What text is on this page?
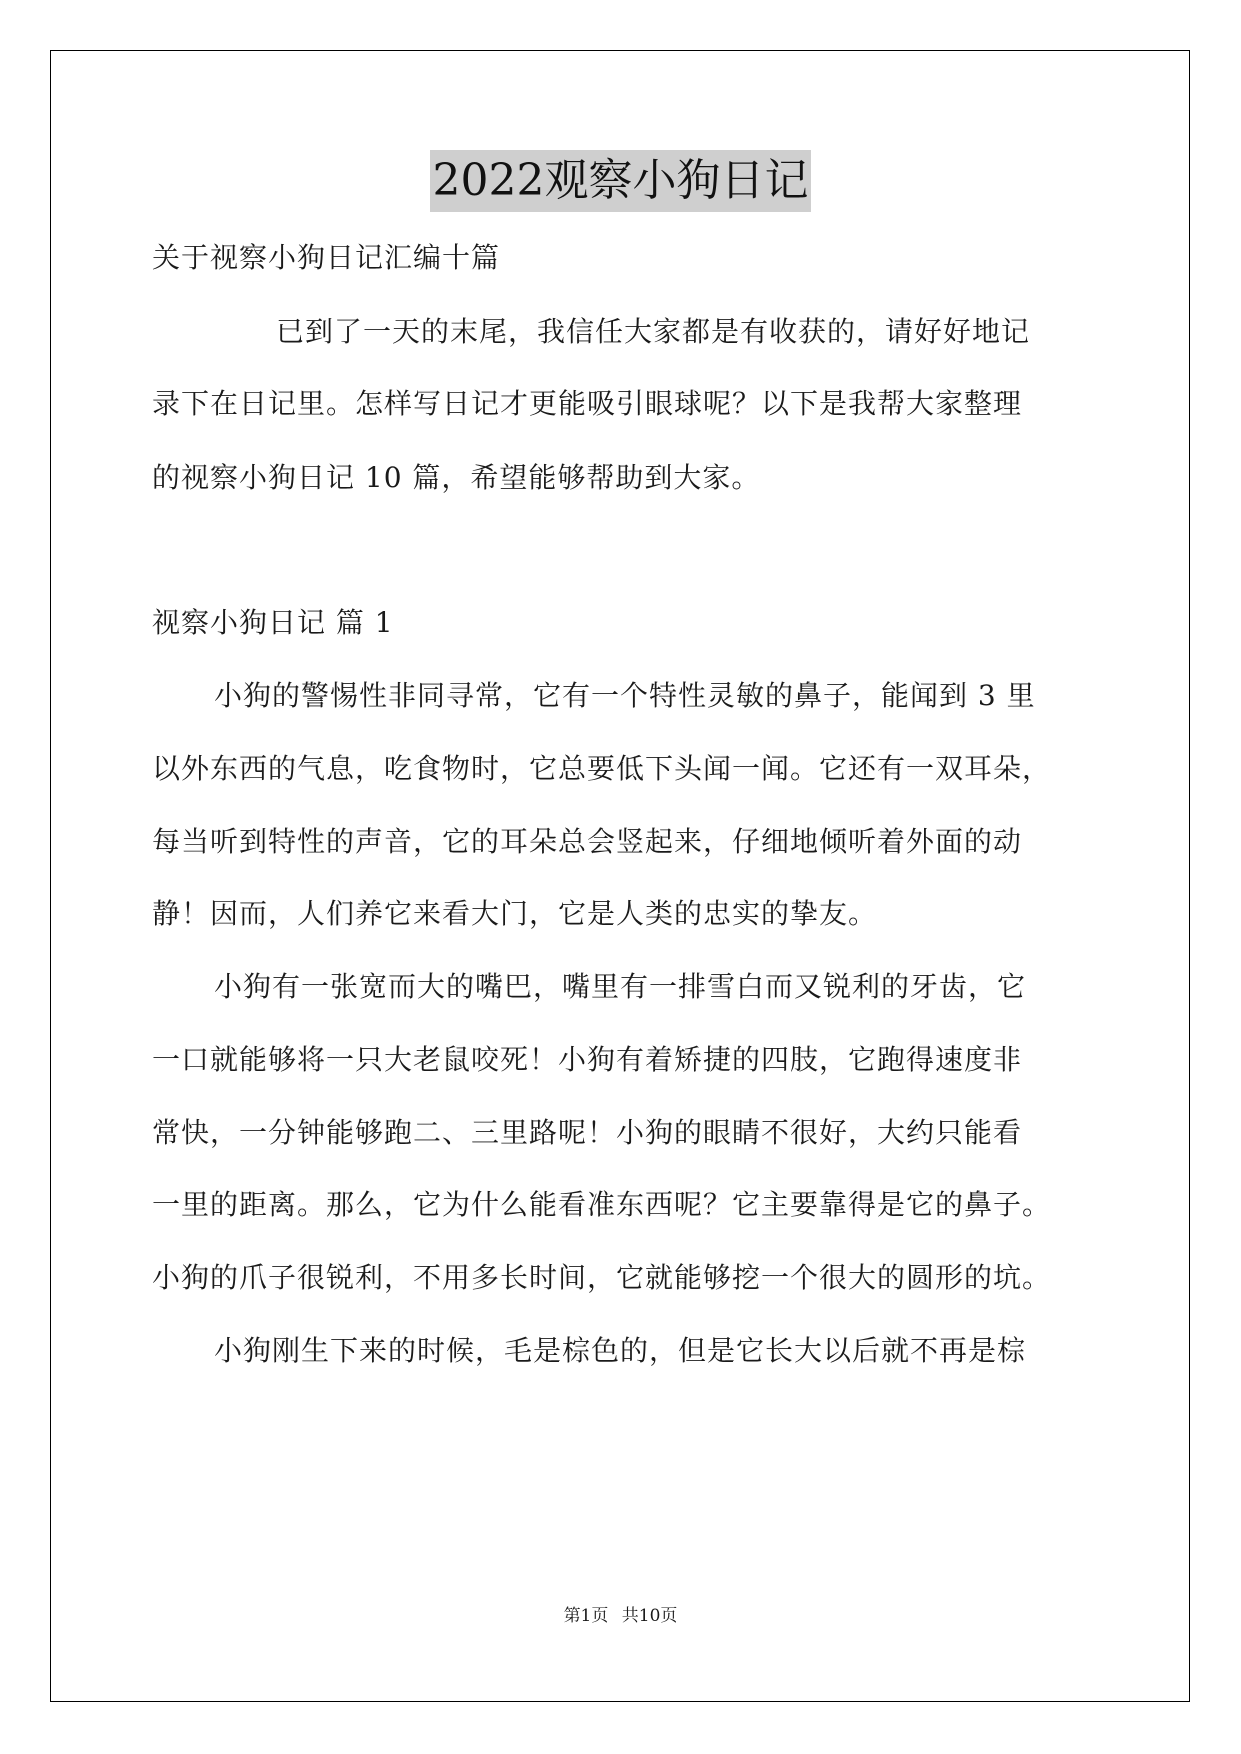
2022观察小狗日记
关于视察小狗日记汇编十篇
已到了一天的末尾，我信任大家都是有收获的，请好好地记
录下在日记里。怎样写日记才更能吸引眼球呢？以下是我帮大家整理
的视察小狗日记 10 篇，希望能够帮助到大家。
视察小狗日记 篇 1
小狗的警惕性非同寻常，它有一个特性灵敏的鼻子，能闻到 3 里
以外东西的气息，吃食物时，它总要低下头闻一闻。它还有一双耳朵，
每当听到特性的声音，它的耳朵总会竖起来，仔细地倾听着外面的动
静！因而，人们养它来看大门，它是人类的忠实的挚友。
小狗有一张宽而大的嘴巴，嘴里有一排雪白而又锐利的牙齿，它
一口就能够将一只大老鼠咬死！小狗有着矫捷的四肢，它跑得速度非
常快，一分钟能够跑二、三里路呢！小狗的眼睛不很好，大约只能看
一里的距离。那么，它为什么能看准东西呢？它主要靠得是它的鼻子。
小狗的爪子很锐利，不用多长时间，它就能够挖一个很大的圆形的坑。
小狗刚生下来的时候，毛是棕色的，但是它长大以后就不再是棕
第1页 共10页
